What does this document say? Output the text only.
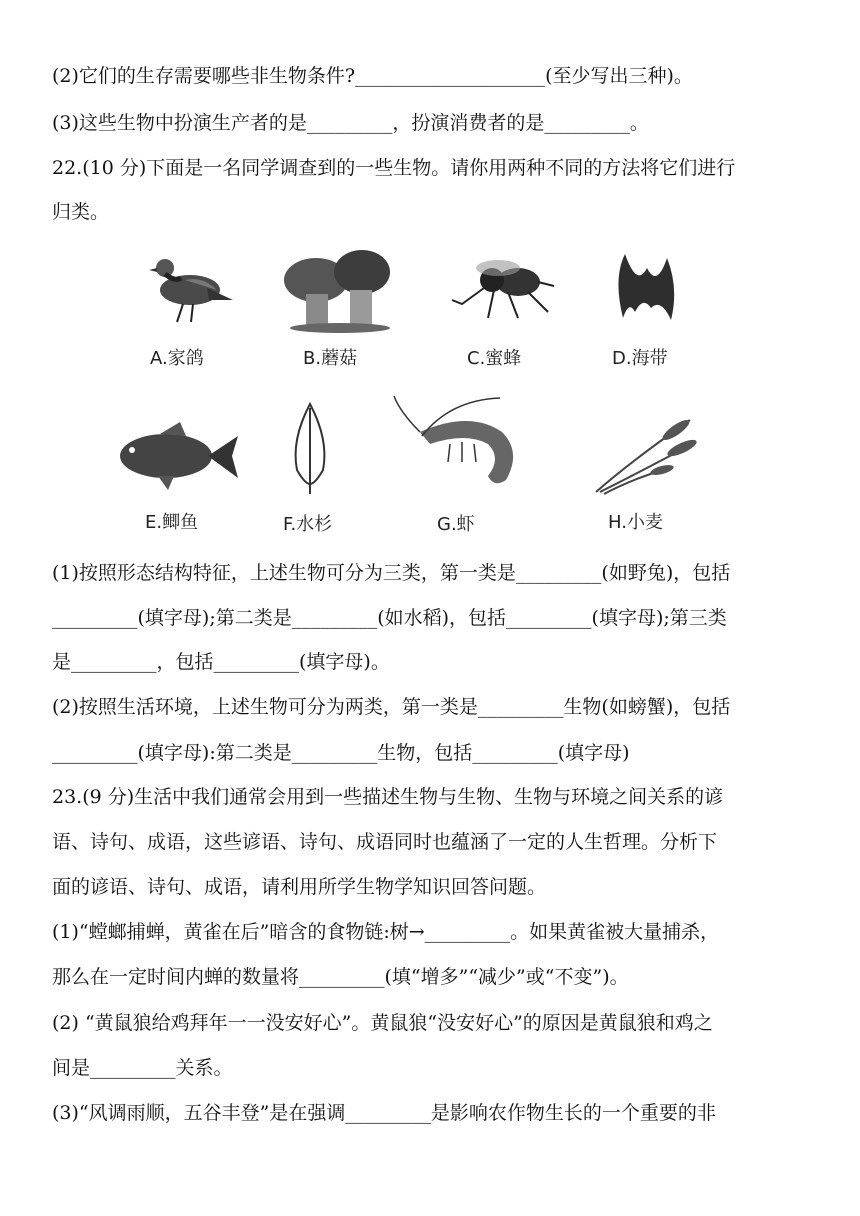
(2)它们的生存需要哪些非生物条件?____________________(至少写出三种)。
(3)这些生物中扮演生产者的是_________，扮演消费者的是_________。
22.(10 分)下面是一名同学调查到的一些生物。请你用两种不同的方法将它们进行
归类。
A.家鸽	B.蘑菇	C.蜜蜂	D.海带
E.鲫鱼	F.水杉	G.虾	H.小麦
(1)按照形态结构特征，上述生物可分为三类，第一类是_________(如野兔)，包括
_________(填字母);第二类是_________(如水稻)，包括_________(填字母);第三类
是_________，包括_________(填字母)。
(2)按照生活环境，上述生物可分为两类，第一类是_________生物(如螃蟹)，包括
_________(填字母):第二类是_________生物，包括_________(填字母)
23.(9 分)生活中我们通常会用到一些描述生物与生物、生物与环境之间关系的谚
语、诗句、成语，这些谚语、诗句、成语同时也蕴涵了一定的人生哲理。分析下
面的谚语、诗句、成语，请利用所学生物学知识回答问题。
(1)“螳螂捕蝉，黄雀在后”暗含的食物链:树→_________。如果黄雀被大量捕杀，
那么在一定时间内蝉的数量将_________(填“增多”“减少”或“不变”)。
(2) “黄鼠狼给鸡拜年一一没安好心”。黄鼠狼“没安好心”的原因是黄鼠狼和鸡之
间是_________关系。
(3)“风调雨顺，五谷丰登”是在强调_________是影响农作物生长的一个重要的非
